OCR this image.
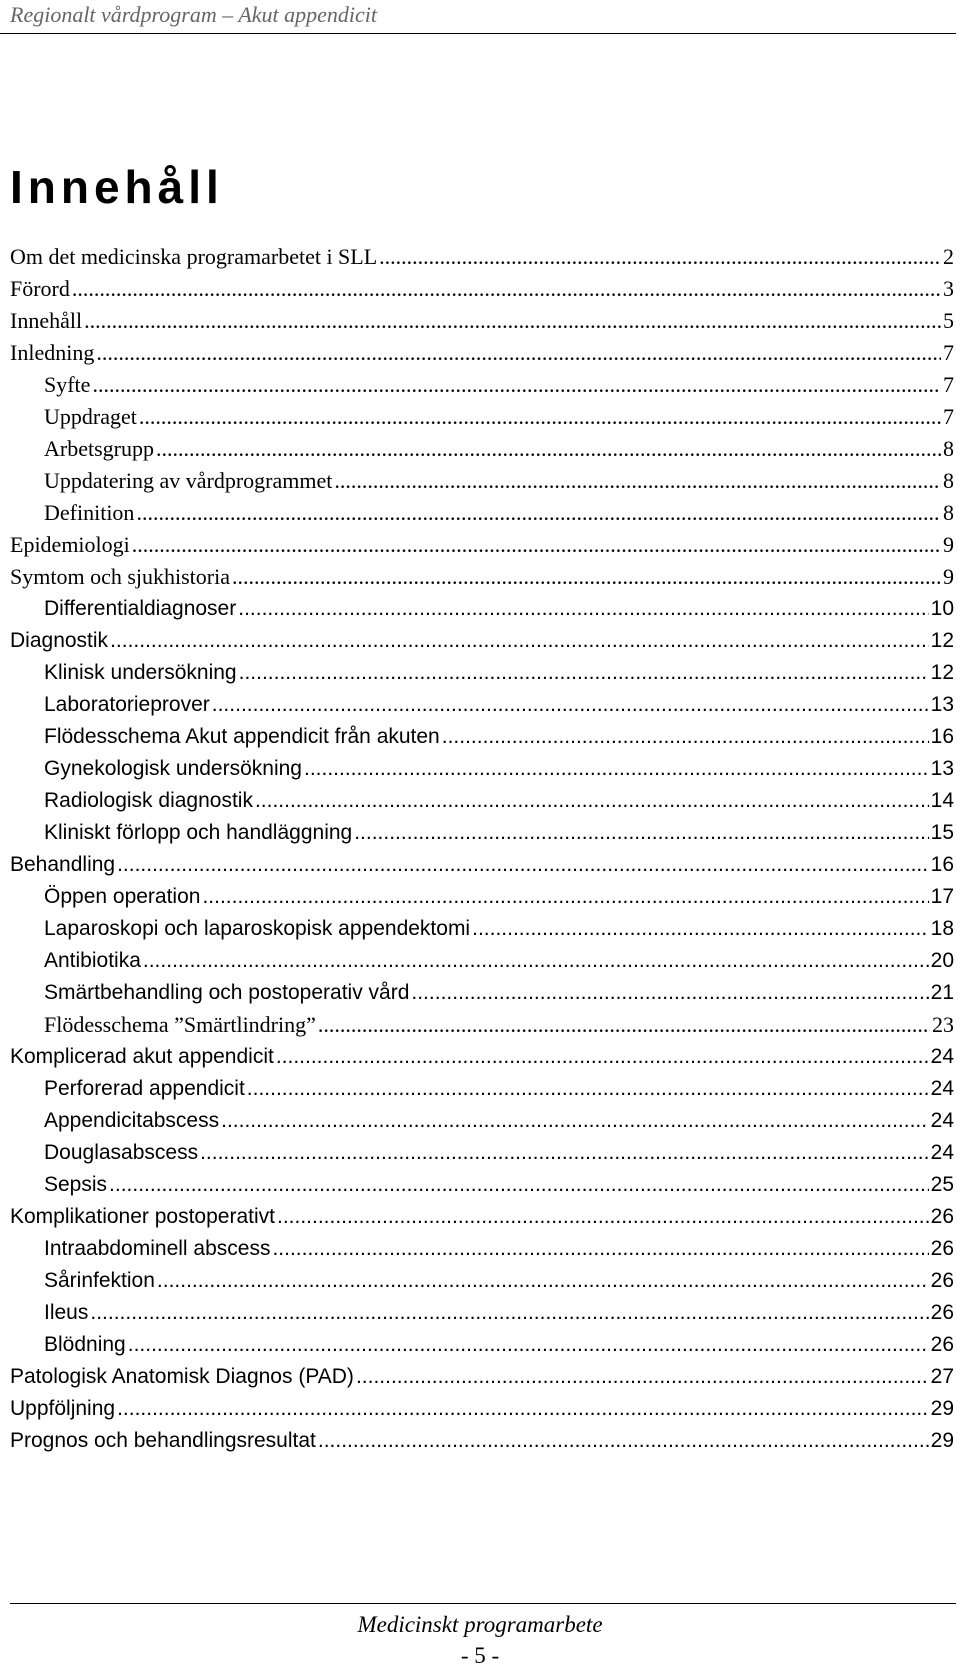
Regionalt vårdprogram – Akut appendicit
Innehåll
Om det medicinska programarbetet i SLL .....	2
Förord .....	3
Innehåll .....	5
Inledning .....	7
Syfte .....	7
Uppdraget .....	7
Arbetsgrupp .....	8
Uppdatering av vårdprogrammet .....	8
Definition .....	8
Epidemiologi .....	9
Symtom och sjukhistoria .....	9
Differentialdiagnoser .....	10
Diagnostik .....	12
Klinisk undersökning .....	12
Laboratorieprover .....	13
Flödesschema Akut appendicit från akuten .....	16
Gynekologisk undersökning .....	13
Radiologisk diagnostik .....	14
Kliniskt förlopp och handläggning .....	15
Behandling .....	16
Öppen operation .....	17
Laparoskopi och laparoskopisk appendektomi .....	18
Antibiotika .....	20
Smärtbehandling och postoperativ vård .....	21
Flödesschema ”Smärtlindring” .....	23
Komplicerad akut appendicit .....	24
Perforerad appendicit .....	24
Appendicitabscess .....	24
Douglasabscess .....	24
Sepsis .....	25
Komplikationer postoperativt .....	26
Intraabdominell abscess .....	26
Sårinfektion .....	26
Ileus .....	26
Blödning .....	26
Patologisk Anatomisk Diagnos (PAD) .....	27
Uppföljning .....	29
Prognos och behandlingsresultat .....	29
Medicinskt programarbete
- 5 -
